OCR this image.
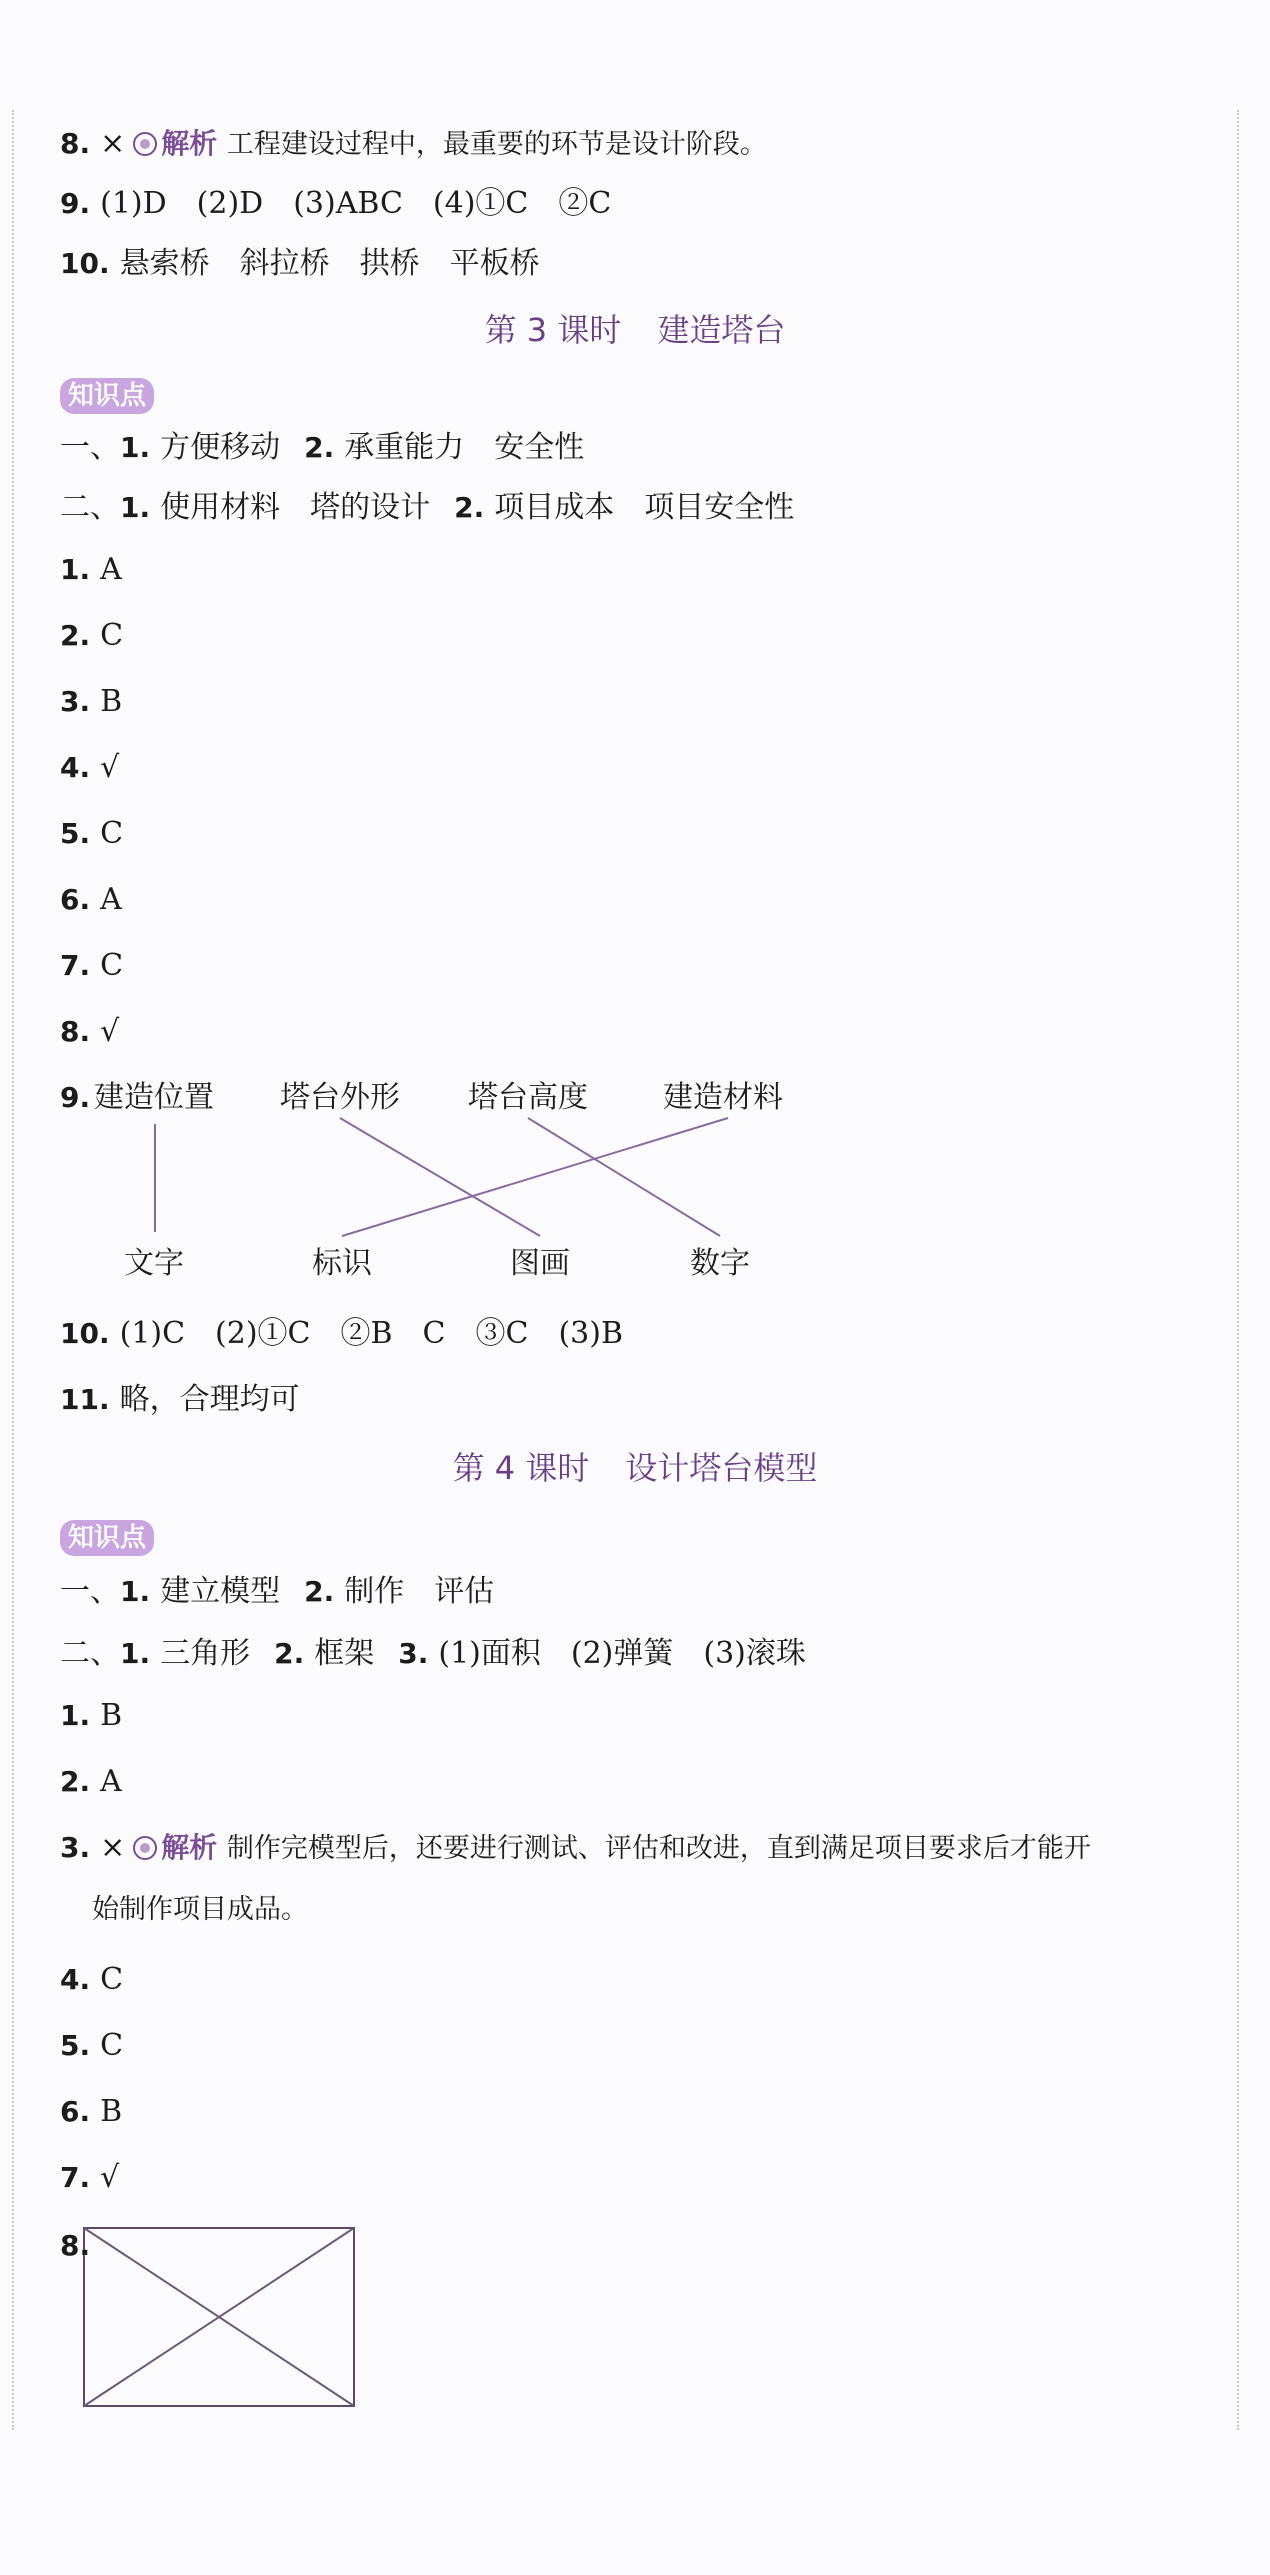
8. × 解析 工程建设过程中，最重要的环节是设计阶段。
9. (1)D　(2)D　(3)ABC　(4)①C　②C
10. 悬索桥　斜拉桥　拱桥　平板桥
第 3 课时 建造塔台
知识点
一、1. 方便移动 2. 承重能力　安全性
二、1. 使用材料　塔的设计 2. 项目成本　项目安全性
1. A
2. C
3. B
4. √
5. C
6. A
7. C
8. √
9. 建造位置 塔台外形 塔台高度	建造材料
文字	标识	图画	数字
10. (1)C　(2)①C　②B　C　③C　(3)B
11. 略，合理均可
第 4 课时 设计塔台模型
知识点
一、1. 建立模型 2. 制作　评估
二、1. 三角形 2. 框架 3. (1)面积　(2)弹簧　(3)滚珠
1. B
2. A
3. × 解析 制作完模型后，还要进行测试、评估和改进，直到满足项目要求后才能开
始制作项目成品。
4. C
5. C
6. B
7. √
8.
